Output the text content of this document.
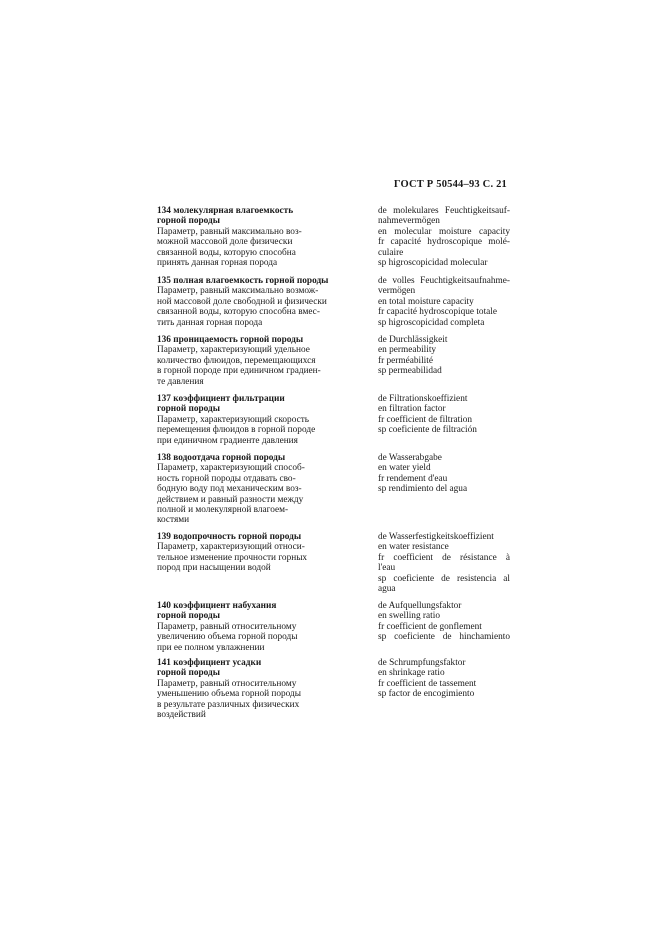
ГОСТ Р 50544–93 С. 21
134 молекулярная влагоемкость
горной породы
Параметр, равный максимально воз-
можной массовой доле физически
связанной воды, которую способна
принять данная горная порода
de molekulares Feuchtigkeitsauf-
nahmevermögen
en molecular moisture capacity
fr capacité hydroscopique molé-
culaire
sp higroscopicidad molecular
135 полная влагоемкость горной породы
Параметр, равный максимально возмож-
ной массовой доле свободной и физически
связанной воды, которую способна вмес-
тить данная горная порода
de volles Feuchtigkeitsaufnahme-
vermögen
en total moisture capacity
fr capacité hydroscopique totale
sp higroscopicidad completa
136 проницаемость горной породы
Параметр, характеризующий удельное
количество флюидов, перемещающихся
в горной породе при единичном градиен-
те давления
de Durchlässigkeit
en permeability
fr perméabilité
sp permeabilidad
137 коэффициент фильтрации
горной породы
Параметр, характеризующий скорость
перемещения флюидов в горной породе
при единичном градиенте давления
de Filtrationskoeffizient
en filtration factor
fr coefficient de filtration
sp coeficiente de filtración
138 водоотдача горной породы
Параметр, характеризующий способ-
ность горной породы отдавать сво-
бодную воду под механическим воз-
действием и равный разности между
полной и молекулярной влагоем-
костями
de Wasserabgabe
en water yield
fr rendement d'eau
sp rendimiento del agua
139 водопрочность горной породы
Параметр, характеризующий относи-
тельное изменение прочности горных
пород при насыщении водой
de Wasserfestigkeitskoeffizient
en water resistance
fr coefficient de résistance à
l'eau
sp coeficiente de resistencia al
agua
140 коэффициент набухания
горной породы
Параметр, равный относительному
увеличению объема горной породы
при ее полном увлажнении
de Aufquellungsfaktor
en swelling ratio
fr coefficient de gonflement
sp coeficiente de hinchamiento
141 коэффициент усадки
горной породы
Параметр, равный относительному
уменьшению объема горной породы
в результате различных физических
воздействий
de Schrumpfungsfaktor
en shrinkage ratio
fr coefficient de tassement
sp factor de encogimiento
